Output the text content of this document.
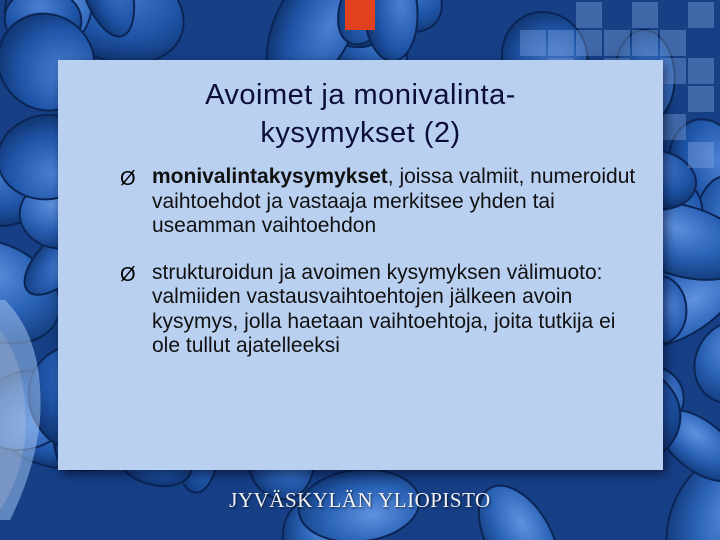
Avoimet ja monivalinta-
kysymykset (2)
Ø monivalintakysymykset, joissa valmiit, numeroidut vaihtoehdot ja vastaaja merkitsee yhden tai useamman vaihtoehdon
Ø strukturoidun ja avoimen kysymyksen välimuoto: valmiiden vastausvaihtoehtojen jälkeen avoin kysymys, jolla haetaan vaihtoehtoja, joita tutkija ei ole tullut ajatelleeksi
JYVÄSKYLÄN YLIOPISTO
